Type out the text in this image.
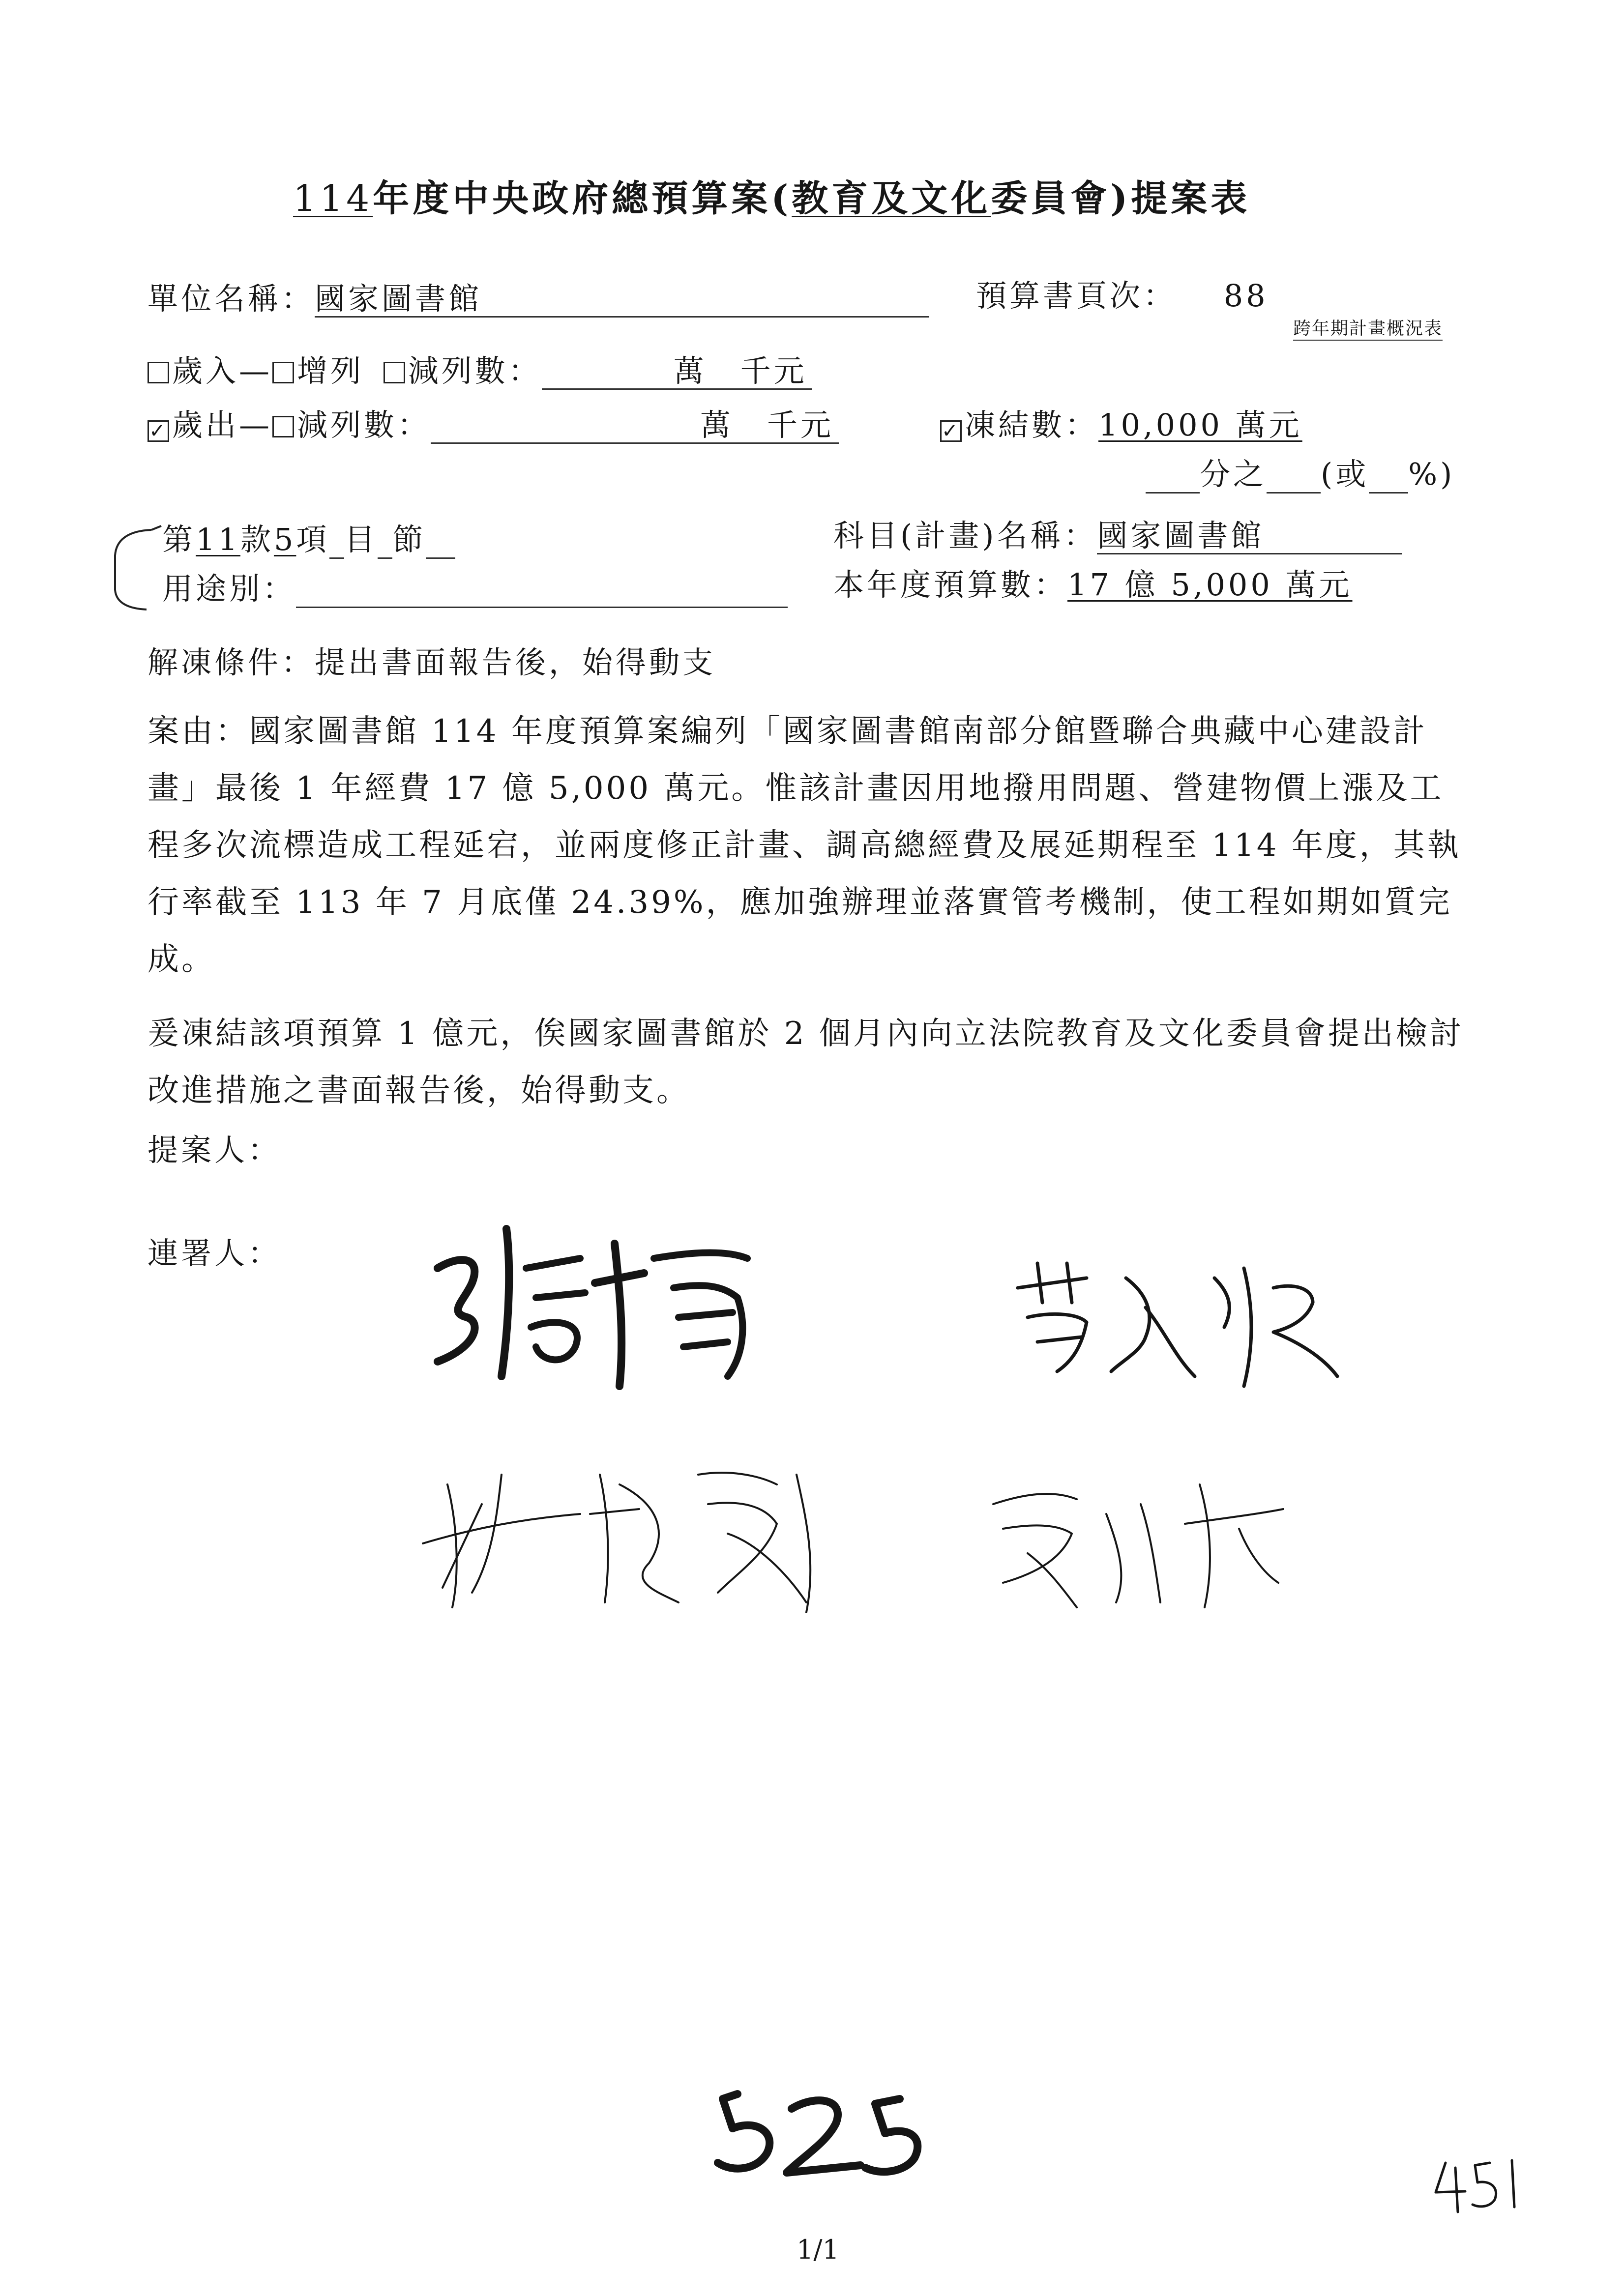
114年度中央政府總預算案(教育及文化委員會)提案表
單位名稱：國家圖書館	預算書頁次： 88
跨年期計畫概況表
歲入— 增列 減列數：	萬　千元
✓ 歲出— 減列數：	萬　千元	✓ 凍結數：10,000 萬元
分之 (或 %)
第11款5項 目 節	科目(計畫)名稱：國家圖書館
用途別：	本年度預算數：17 億 5,000 萬元
解凍條件：提出書面報告後，始得動支
案由：國家圖書館 114 年度預算案編列「國家圖書館南部分館暨聯合典藏中心建設計畫」最後 1 年經費 17 億 5,000 萬元。惟該計畫因用地撥用問題、營建物價上漲及工程多次流標造成工程延宕，並兩度修正計畫、調高總經費及展延期程至 114 年度，其執行率截至 113 年 7 月底僅 24.39%，應加強辦理並落實管考機制，使工程如期如質完成。
爰凍結該項預算 1 億元，俟國家圖書館於 2 個月內向立法院教育及文化委員會提出檢討改進措施之書面報告後，始得動支。
提案人：
連署人：
1/1
